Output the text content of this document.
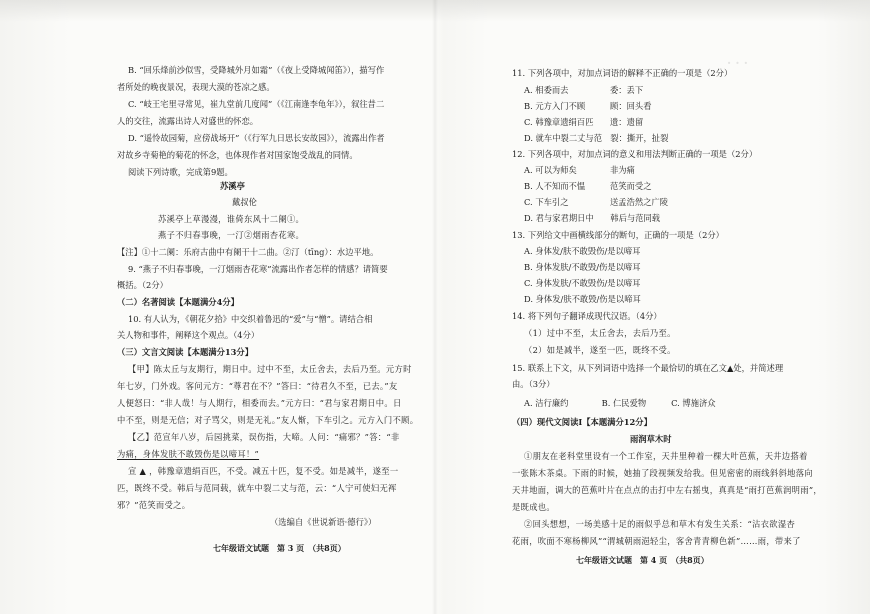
B. “回乐烽前沙似雪，受降城外月如霜”（《夜上受降城闻笛》），描写作
者所处的晚夜景况，表现大漠的苍凉之感。
C. “岐王宅里寻常见，崔九堂前几度闻”（《江南逢李龟年》），叙往昔二
人的交往，流露出诗人对盛世的怀恋。
D. “遥怜故园菊，应傍战场开”（《行军九日思长安故园》），流露出作者
对故乡寺菊艳的菊花的怀念，也体现作者对国家饱受战乱的同情。
阅读下列诗歌，完成第9题。
苏溪亭
戴叔伦
苏溪亭上草漫漫，谁倚东风十二阑①。
燕子不归春事晚，一汀②烟雨杏花寒。
【注】①十二阑：乐府古曲中有阑干十二曲。②汀（tīng）：水边平地。
9. “燕子不归春事晚，一汀烟雨杏花寒”流露出作者怎样的情感？请简要
概括。（2分）
（二）名著阅读【本题满分4分】
10. 有人认为，《朝花夕拾》中交织着鲁迅的“爱”与“憎”。请结合相
关人物和事件，阐释这个观点。（4分）
（三）文言文阅读【本题满分13分】
【甲】陈太丘与友期行，期日中。过中不至，太丘舍去，去后乃至。元方时
年七岁，门外戏。客问元方：“尊君在不？”答曰：“待君久不至，已去。”友
人便怒曰：“非人哉！与人期行，相委而去。”元方曰：“君与家君期日中。日
中不至，则是无信；对子骂父，则是无礼。”友人惭，下车引之。元方入门不顾。
【乙】范宣年八岁，后园挑菜，误伤指，大啼。人问：“痛邪？”答：“非
为痛，身体发肤不敢毁伤是以啼耳！”
宣 ▲ ，韩豫章遗绢百匹，不受。减五十匹，复不受。如是减半，遂至一
匹，既终不受。韩后与范同载，就车中裂二丈与范，云：“人宁可使妇无裈
邪？”范笑而受之。
（选编自《世说新语·德行》）
七年级语文试题　第 3 页　（共8页）
· · ·
11. 下列各项中，对加点词语的解释不正确的一项是（2分）
A. 相委而去　　　　　委：丢下
B. 元方入门不顾　　　顾：回头看
C. 韩豫章遗绢百匹　　遗：遗留
D. 就车中裂二丈与范　裂：撕开，扯裂
12. 下列各项中，对加点词的意义和用法判断正确的一项是（2分）
A. 可以为师矣　　　　非为痛
B. 人不知而不愠　　　范笑而受之
C. 下车引之　　　　　送孟浩然之广陵
D. 君与家君期日中　　韩后与范同载
13. 下列给文中画横线部分的断句，正确的一项是（2分）
A. 身体发/肤不敢毁伤/是以啼耳
B. 身体发肤/不敢毁/伤是以啼耳
C. 身体发肤/不敢毁伤/是以啼耳
D. 身体发/肤不敢毁/伤是以啼耳
14. 将下列句子翻译成现代汉语。（4分）
（1）过中不至，太丘舍去，去后乃至。
（2）如是减半，遂至一匹，既终不受。
15. 联系上下文，从下列词语中选择一个最恰切的填在乙文▲处，并简述理
由。（3分）
A. 洁行廉约　　　　B. 仁民爱物　　　C. 博施济众
（四）现代文阅读Ⅰ【本题满分12分】
雨润草木时
①朋友在老科堂里设有一个工作室，天井里种着一棵大叶芭蕉，天井边搭着
一张陈木茶桌。下雨的时候，她抽了段视频发给我。但见密密的雨线斜斜地落向
天井地面，调大的芭蕉叶片在点点的击打中左右摇曳，真真是“雨打芭蕉润明雨”，
是既成也。
②回头想想，一场美感十足的雨似乎总和草木有发生关系：“沾衣欲湿杏
花雨，吹面不寒杨柳风”“渭城朝雨浥轻尘，客舍青青柳色新”……雨，带来了
七年级语文试题　第 4 页　（共8页）
